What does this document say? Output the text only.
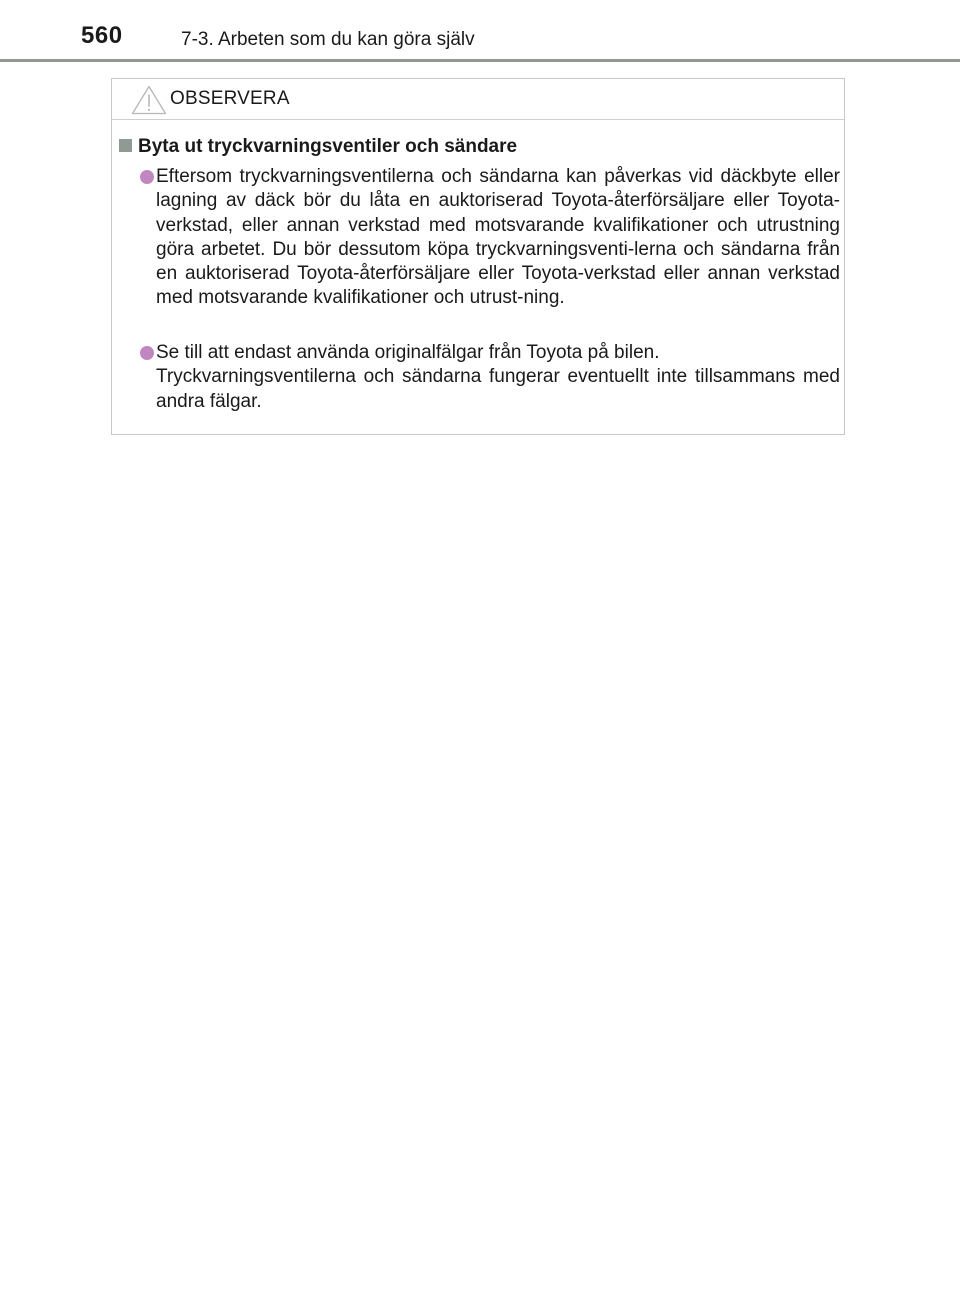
560	7-3. Arbeten som du kan göra själv
OBSERVERA
Byta ut tryckvarningsventiler och sändare
Eftersom tryckvarningsventilerna och sändarna kan påverkas vid däckbyte eller lagning av däck bör du låta en auktoriserad Toyota-återförsäljare eller Toyota-verkstad, eller annan verkstad med motsvarande kvalifikationer och utrustning göra arbetet. Du bör dessutom köpa tryckvarningsventi-lerna och sändarna från en auktoriserad Toyota-återförsäljare eller Toyota-verkstad eller annan verkstad med motsvarande kvalifikationer och utrust-ning.
Se till att endast använda originalfälgar från Toyota på bilen.
Tryckvarningsventilerna och sändarna fungerar eventuellt inte tillsammans med andra fälgar.
